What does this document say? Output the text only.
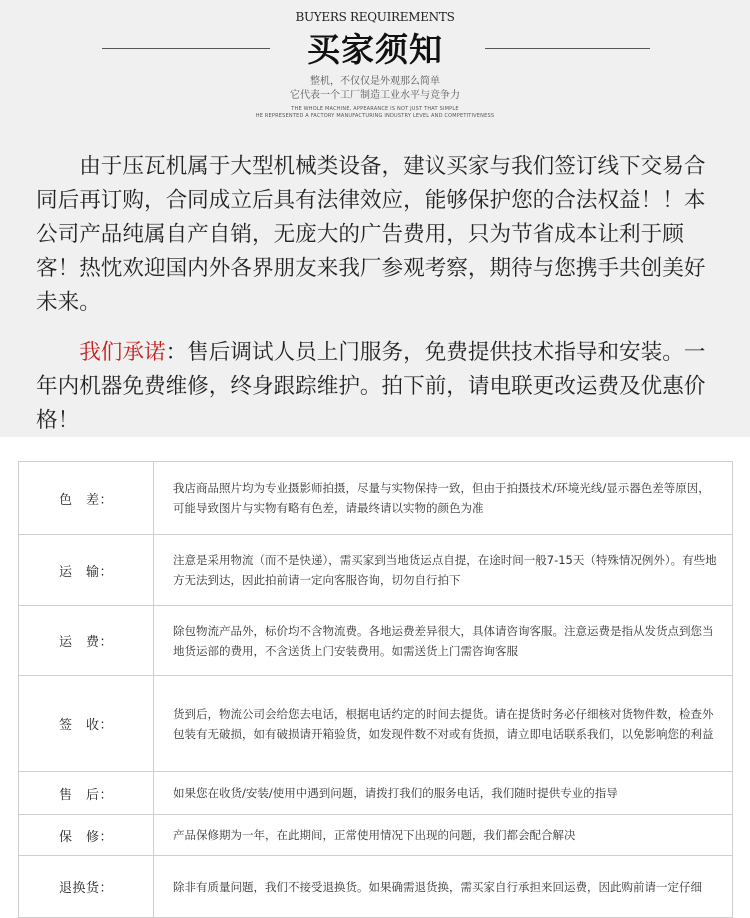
BUYERS REQUIREMENTS
买家须知
整机，不仅仅是外观那么简单
它代表一个工厂制造工业水平与竞争力
THE WHOLE MACHINE, APPEARANCE IS NOT JUST THAT SIMPLE
HE REPRESENTED A FACTORY MANUFACTURING INDUSTRY LEVEL AND COMPETITIVENESS

由于压瓦机属于大型机械类设备，建议买家与我们签订线下交易合同后再订购，合同成立后具有法律效应，能够保护您的合法权益！！本公司产品纯属自产自销，无庞大的广告费用，只为节省成本让利于顾客！热忱欢迎国内外各界朋友来我厂参观考察，期待与您携手共创美好未来。

我们承诺：售后调试人员上门服务，免费提供技术指导和安装。一年内机器免费维修，终身跟踪维护。拍下前，请电联更改运费及优惠价格！

色　差：	我店商品照片均为专业摄影师拍摄，尽量与实物保持一致，但由于拍摄技术/环境光线/显示器色差等原因，可能导致图片与实物有略有色差，请最终请以实物的颜色为准
运　输：	注意是采用物流（而不是快递），需买家到当地货运点自提，在途时间一般7-15天（特殊情况例外）。有些地方无法到达，因此拍前请一定向客服咨询，切勿自行拍下
运　费：	除包物流产品外，标价均不含物流费。各地运费差异很大，具体请咨询客服。注意运费是指从发货点到您当地货运部的费用，不含送货上门安装费用。如需送货上门需咨询客服
签　收：	货到后，物流公司会给您去电话，根据电话约定的时间去提货。请在提货时务必仔细核对货物件数，检查外包装有无破损，如有破损请开箱验货，如发现件数不对或有货损，请立即电话联系我们，以免影响您的利益
售　后：	如果您在收货/安装/使用中遇到问题，请拨打我们的服务电话，我们随时提供专业的指导
保　修：	产品保修期为一年，在此期间，正常使用情况下出现的问题，我们都会配合解决
退换货：	除非有质量问题，我们不接受退换货。如果确需退货换，需买家自行承担来回运费，因此购前请一定仔细
